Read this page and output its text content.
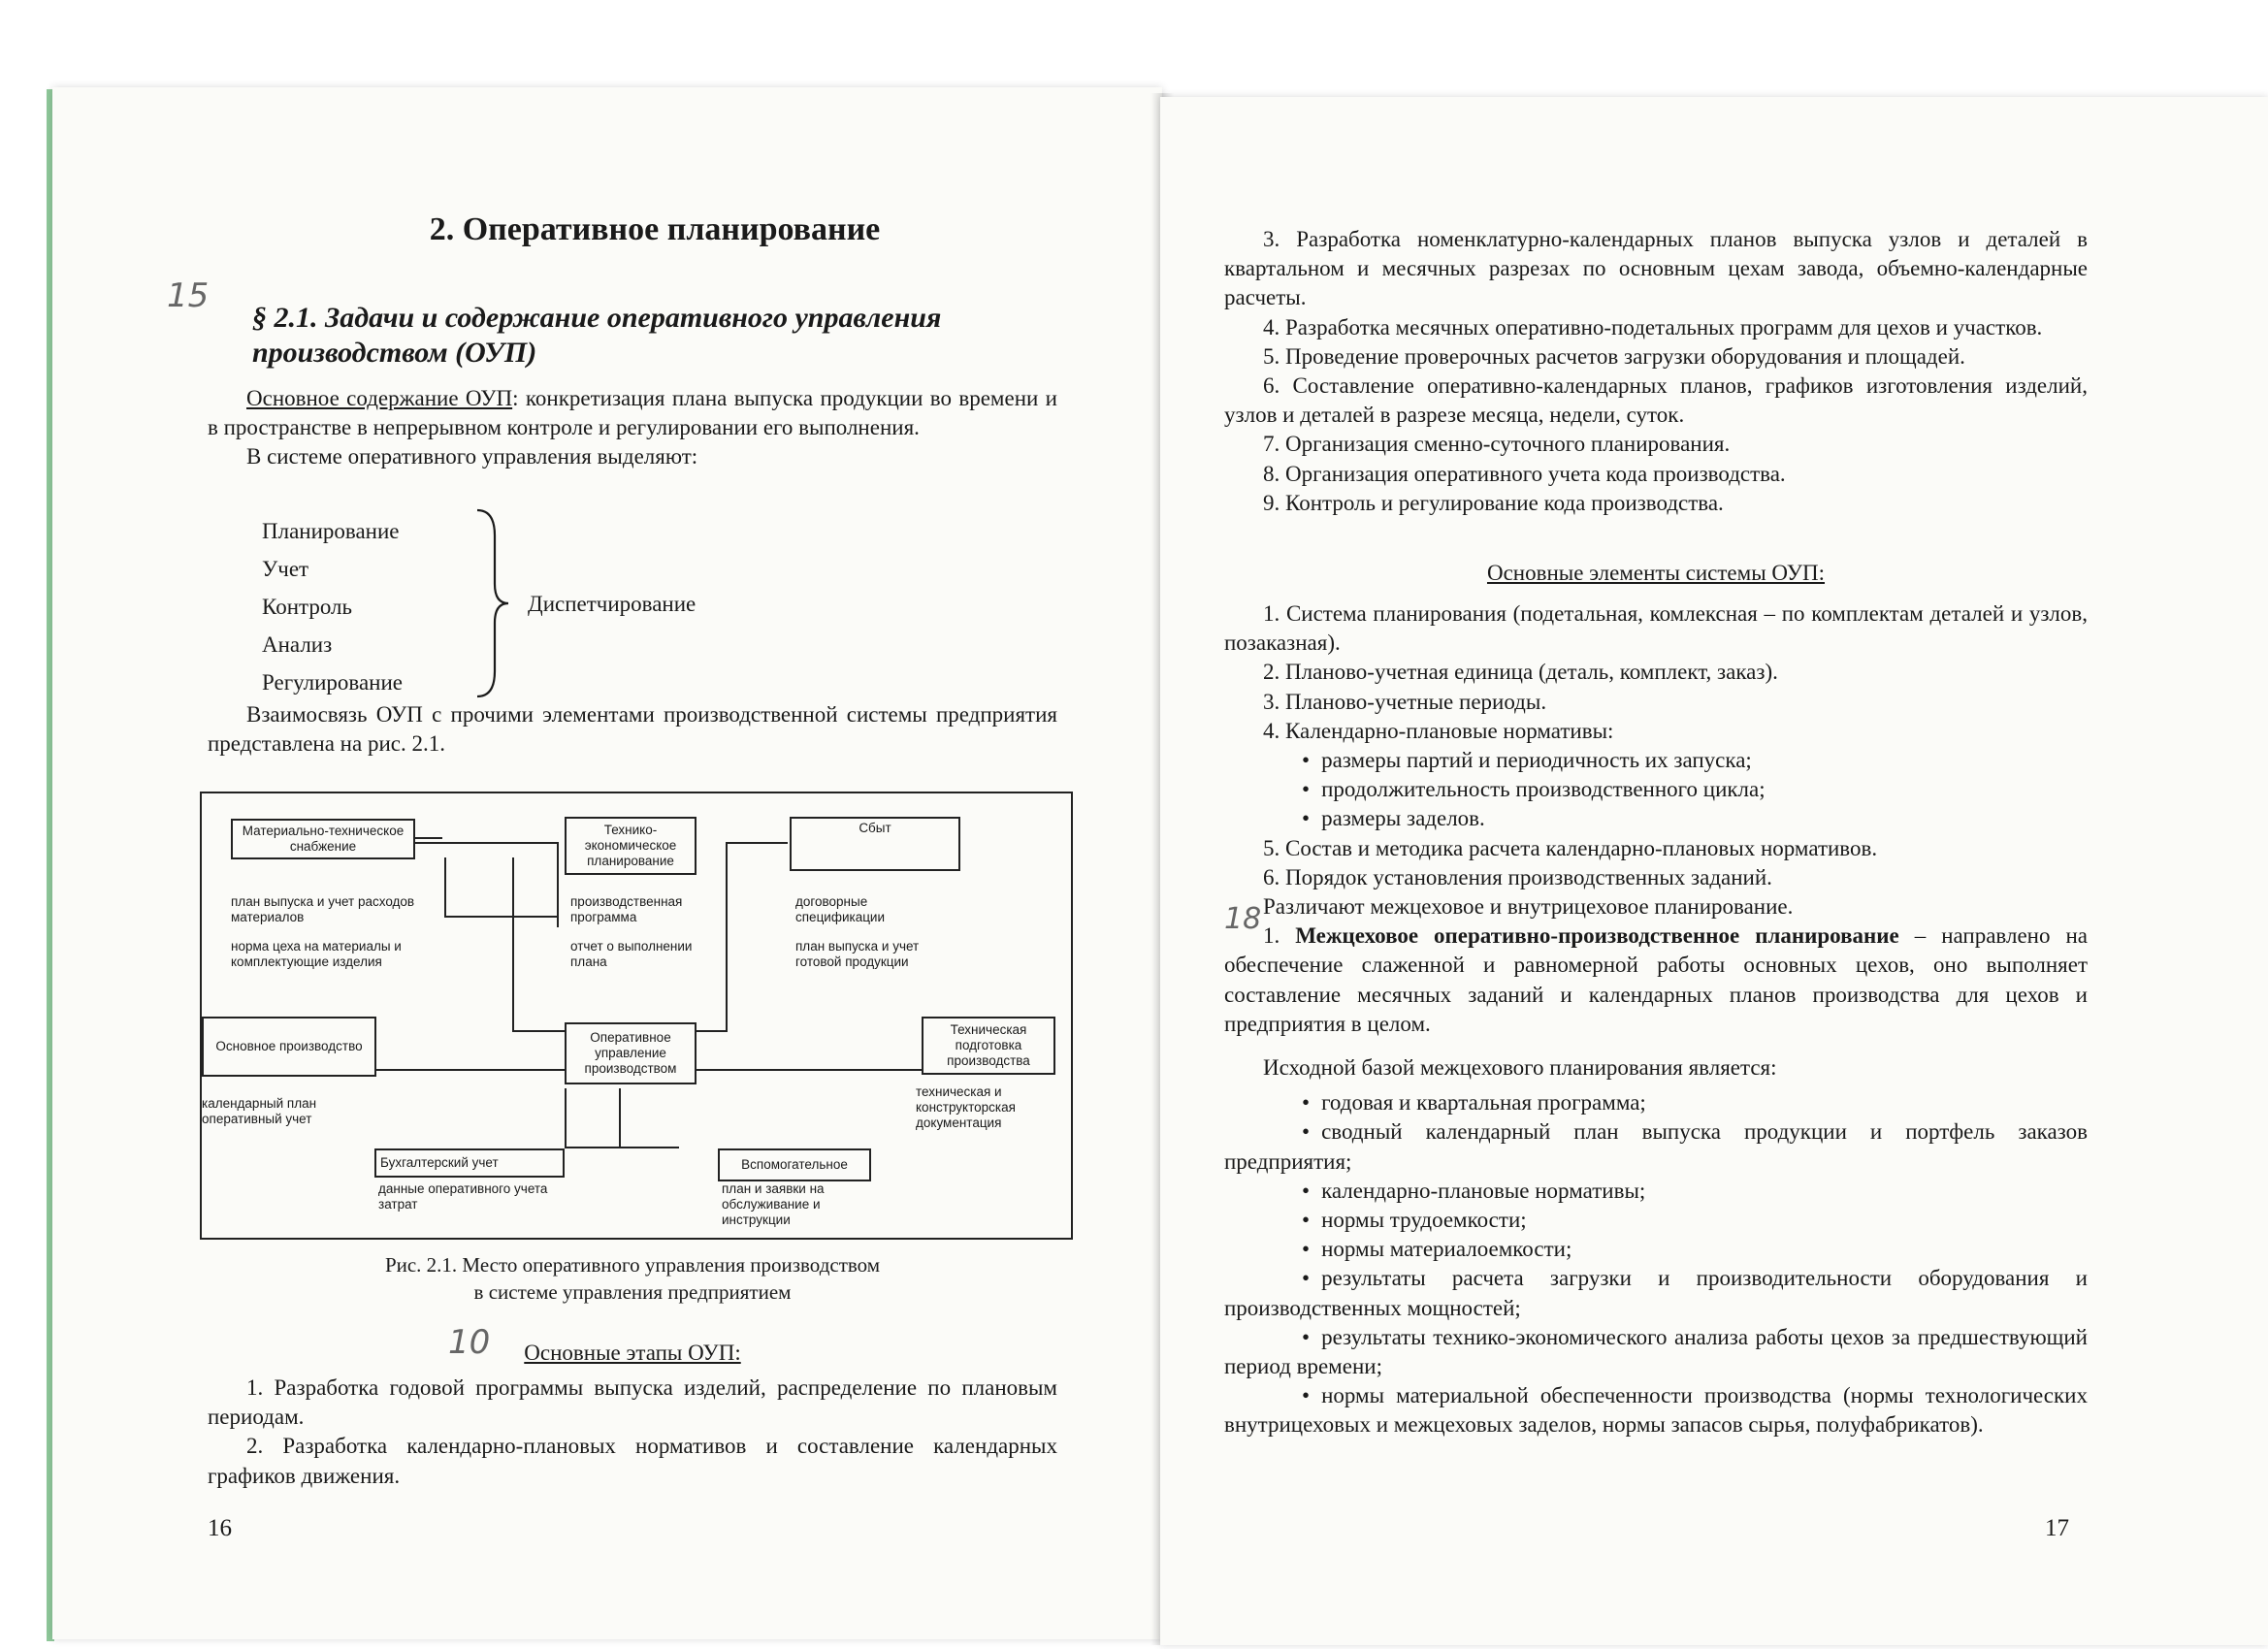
15

2. Оперативное планирование

§ 2.1. Задачи и содержание оперативного управления

производством (ОУП)

Основное содержание ОУП: конкретизация плана выпуска продукции во времени и в пространстве в непрерывном контроле и регулировании его выполнения.

В системе оперативного управления выделяют:

Планирование
Учет
Контроль
Анализ
Регулирование
Диспетчирование

Взаимосвязь ОУП с прочими элементами производственной системы предприятия представлена на рис. 2.1.

Материально-техническое снабжение
Технико-экономическое планирование
Сбыт
Основное производство
Оперативное управление производством
Техническая подготовка производства
Бухгалтерский учет	Вспомогательное
план выпуска и учет расходов материалов
норма цеха на материалы и комплектующие изделия
производственная программа
отчет о выполнении плана
договорные спецификации
план выпуска и учет готовой продукции
календарный план оперативный учет
техническая и конструкторская документация
данные оперативного учета затрат
план и заявки на обслуживание и инструкции
Рис. 2.1. Место оперативного управления производством
в системе управления предприятием
10	Основные этапы ОУП:

1. Разработка годовой программы выпуска изделий, распределение по плановым периодам.

2. Разработка календарно-плановых нормативов и составление календарных графиков движения.

16

3. Разработка номенклатурно-календарных планов выпуска узлов и деталей в квартальном и месячных разрезах по основным цехам завода, объемно-календарные расчеты.

4. Разработка месячных оперативно-подетальных программ для цехов и участков.

5. Проведение проверочных расчетов загрузки оборудования и площадей.

6. Составление оперативно-календарных планов, графиков изготовления изделий, узлов и деталей в разрезе месяца, недели, суток.

7. Организация сменно-суточного планирования.

8. Организация оперативного учета кода производства.

9. Контроль и регулирование кода производства.

Основные элементы системы ОУП:

1. Система планирования (подетальная, комлексная – по комплектам деталей и узлов, позаказная).

2. Планово-учетная единица (деталь, комплект, заказ).

3. Планово-учетные периоды.

4. Календарно-плановые нормативы:

• размеры партий и периодичность их запуска;
• продолжительность производственного цикла;
• размеры заделов.

5. Состав и методика расчета календарно-плановых нормативов.

6. Порядок установления производственных заданий.

Различают межцеховое и внутрицеховое планирование.

1. Межцеховое оперативно-производственное планирование – направлено на обеспечение слаженной и равномерной работы основных цехов, оно выполняет составление месячных заданий и календарных планов производства для цехов и предприятия в целом.

18

Исходной базой межцехового планирования является:

• годовая и квартальная программа;
• сводный календарный план выпуска продукции и портфель заказов предприятия;
• календарно-плановые нормативы;
• нормы трудоемкости;
• нормы материалоемкости;
• результаты расчета загрузки и производительности оборудования и производственных мощностей;
• результаты технико-экономического анализа работы цехов за предшествующий период времени;
• нормы материальной обеспеченности производства (нормы технологических внутрицеховых и межцеховых заделов, нормы запасов сырья, полуфабрикатов).
17
